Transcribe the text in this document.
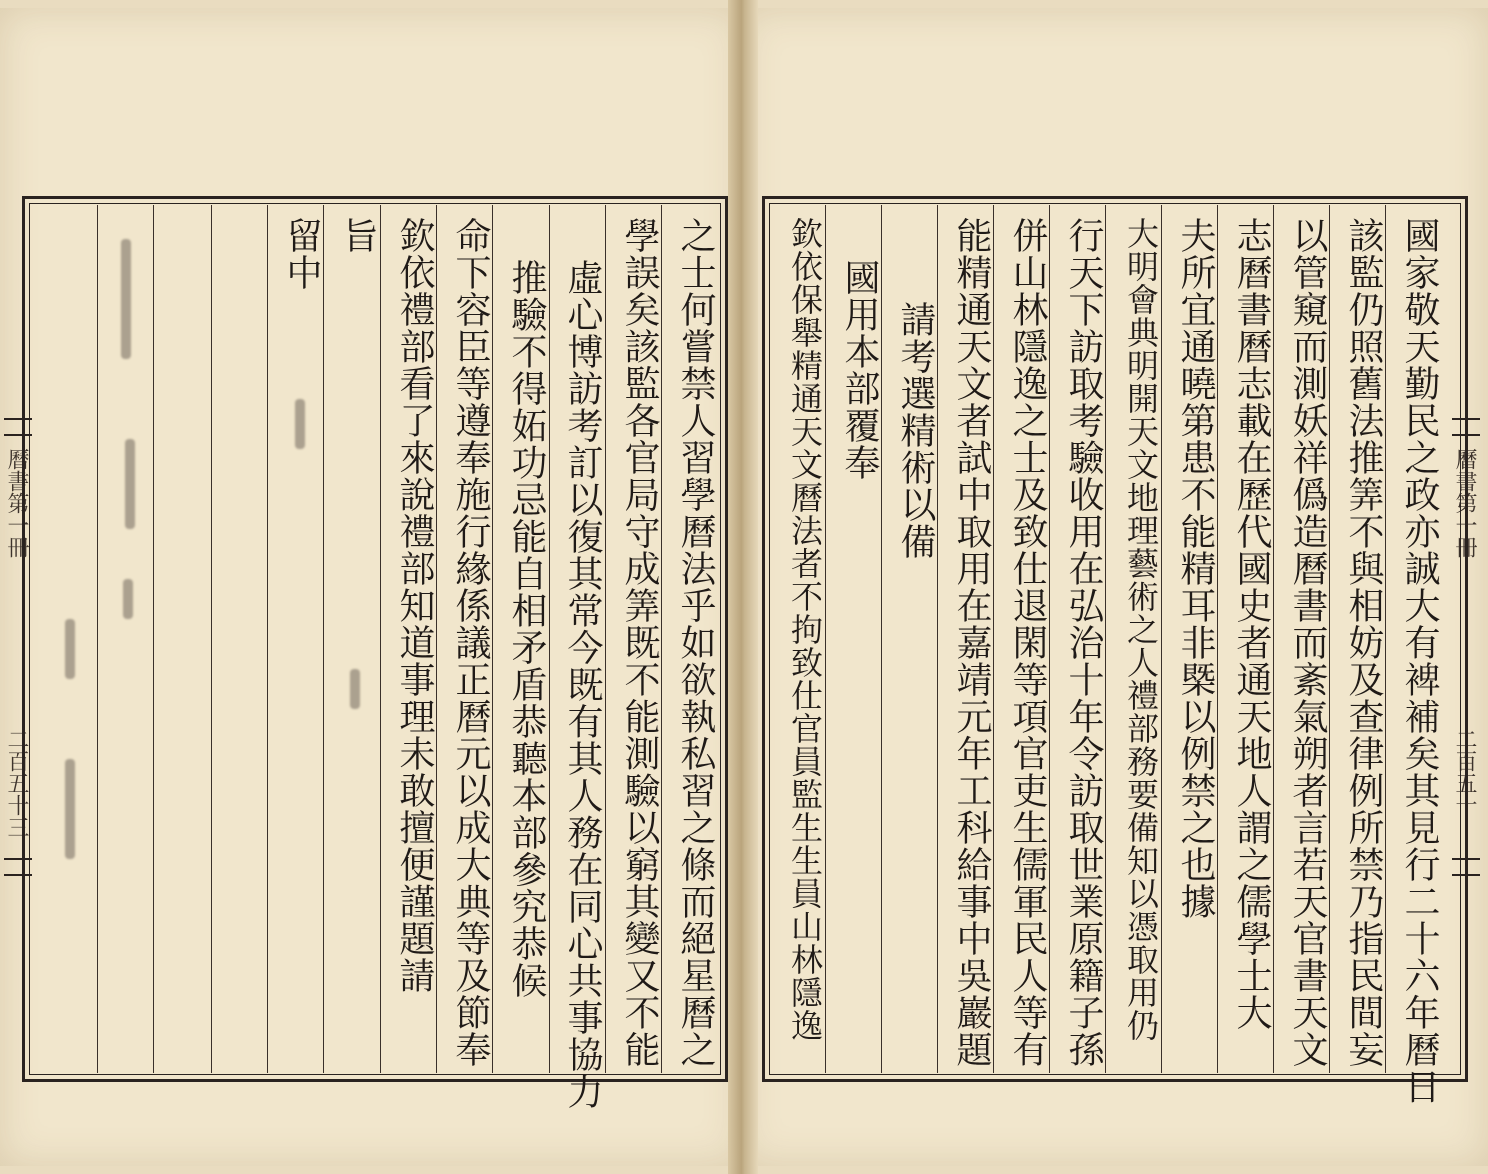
曆書第一冊
二百五十三
曆書第一冊
二百五十
之士何嘗禁人習學曆法乎如欲執私習之條而絕星曆之
學誤矣該監各官局守成筭既不能測驗以窮其變又不能
虛心博訪考訂以復其常今既有其人務在同心共事協力
推驗不得妬功忌能自相矛盾恭聽本部參究恭候
命下容臣等遵奉施行緣係議正曆元以成大典等及節奉
欽依禮部看了來說禮部知道事理未敢擅便謹題請
旨
留中	國家敬天勤民之政亦誠大有裨補矣其見行二十六年曆日
該監仍照舊法推筭不與相妨及查律例所禁乃指民間妄
以管窺而測妖祥僞造曆書而紊氣朔者言若天官書天文
志曆書曆志載在歷代國史者通天地人謂之儒學士大
夫所宜通曉第患不能精耳非槩以例禁之也據
大明會典明開天文地理藝術之人禮部務要備知以憑取用仍
行天下訪取考驗收用在弘治十年令訪取世業原籍子孫
併山林隱逸之士及致仕退閑等項官吏生儒軍民人等有
能精通天文者試中取用在嘉靖元年工科給事中吳巖題
請考選精術以備
國用本部覆奉
欽依保舉精通天文曆法者不拘致仕官員監生生員山林隱逸
